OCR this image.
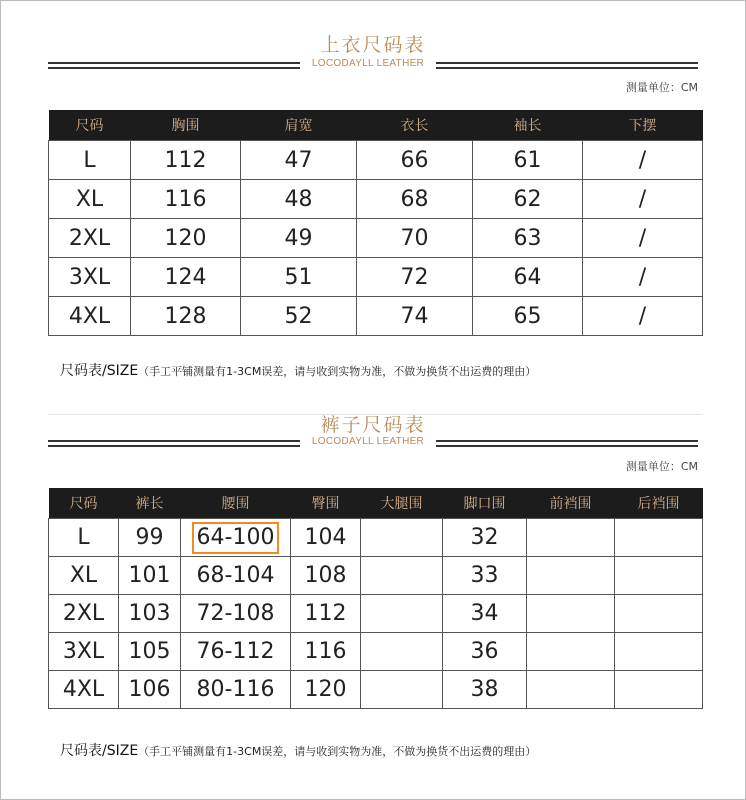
上衣尺码表
LOCODAYLL LEATHER
测量单位：CM
尺码	胸围	肩宽	衣长	袖长	下摆
L	112	47	66	61	/
XL	116	48	68	62	/
2XL	120	49	70	63	/
3XL	124	51	72	64	/
4XL	128	52	74	65	/
尺码表/SIZE（手工平铺测量有1-3CM误差，请与收到实物为准，不做为换货不出运费的理由）
裤子尺码表
LOCODAYLL LEATHER
测量单位：CM
尺码	裤长	腰围	臀围	大腿围	脚口围	前裆围	后裆围
L	99	64-100	104		32		
XL	101	68-104	108		33		
2XL	103	72-108	112		34		
3XL	105	76-112	116		36		
4XL	106	80-116	120		38		
尺码表/SIZE（手工平铺测量有1-3CM误差，请与收到实物为准，不做为换货不出运费的理由）
